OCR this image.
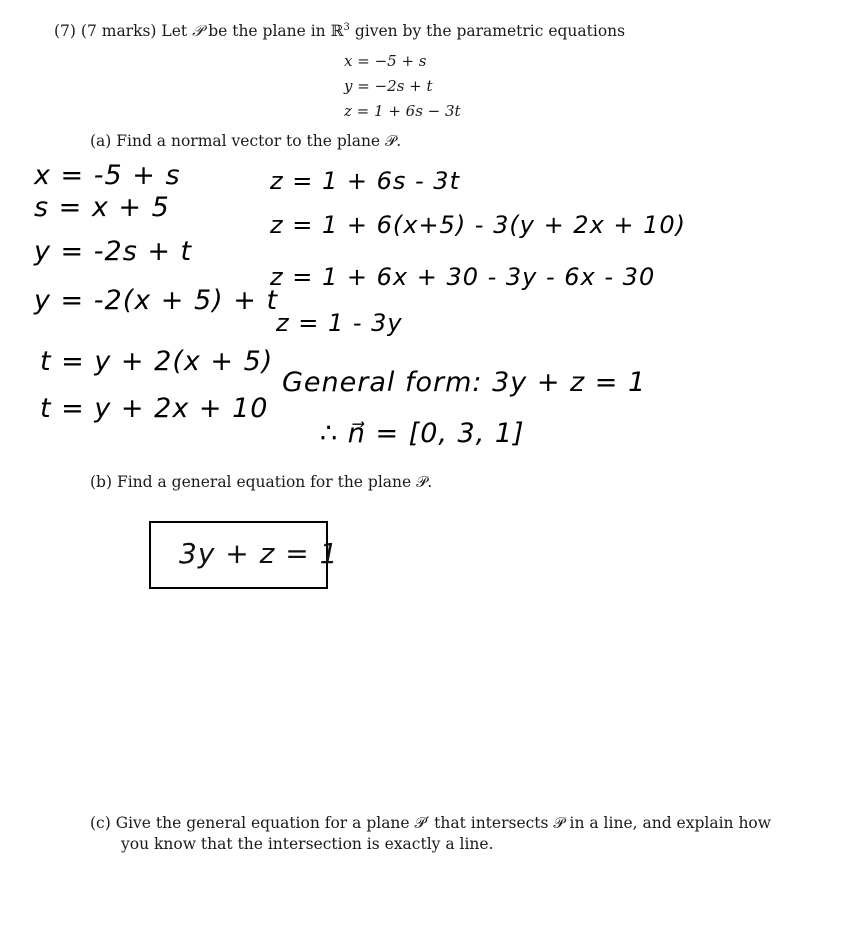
(7) (7 marks) Let 𝒫 be the plane in ℝ$^3$ given by the parametric equations
x = −5 + s
y = −2s + t
z = 1 + 6s − 3t
(a) Find a normal vector to the plane 𝒫.
x = -5 + s
s = x + 5
y = -2s + t
y = -2(x + 5) + t
t = y + 2(x + 5)
t = y + 2x + 10
z = 1 + 6s - 3t
z = 1 + 6(x+5) - 3(y + 2x + 10)
z = 1 + 6x + 30 - 3y - 6x - 30
z = 1 - 3y
General form: 3y + z = 1
∴ n⃗ = [0, 3, 1]
(b) Find a general equation for the plane 𝒫.
3y + z = 1
(c) Give the general equation for a plane 𝒫′ that intersects 𝒫 in a line, and explain how
you know that the intersection is exactly a line.
